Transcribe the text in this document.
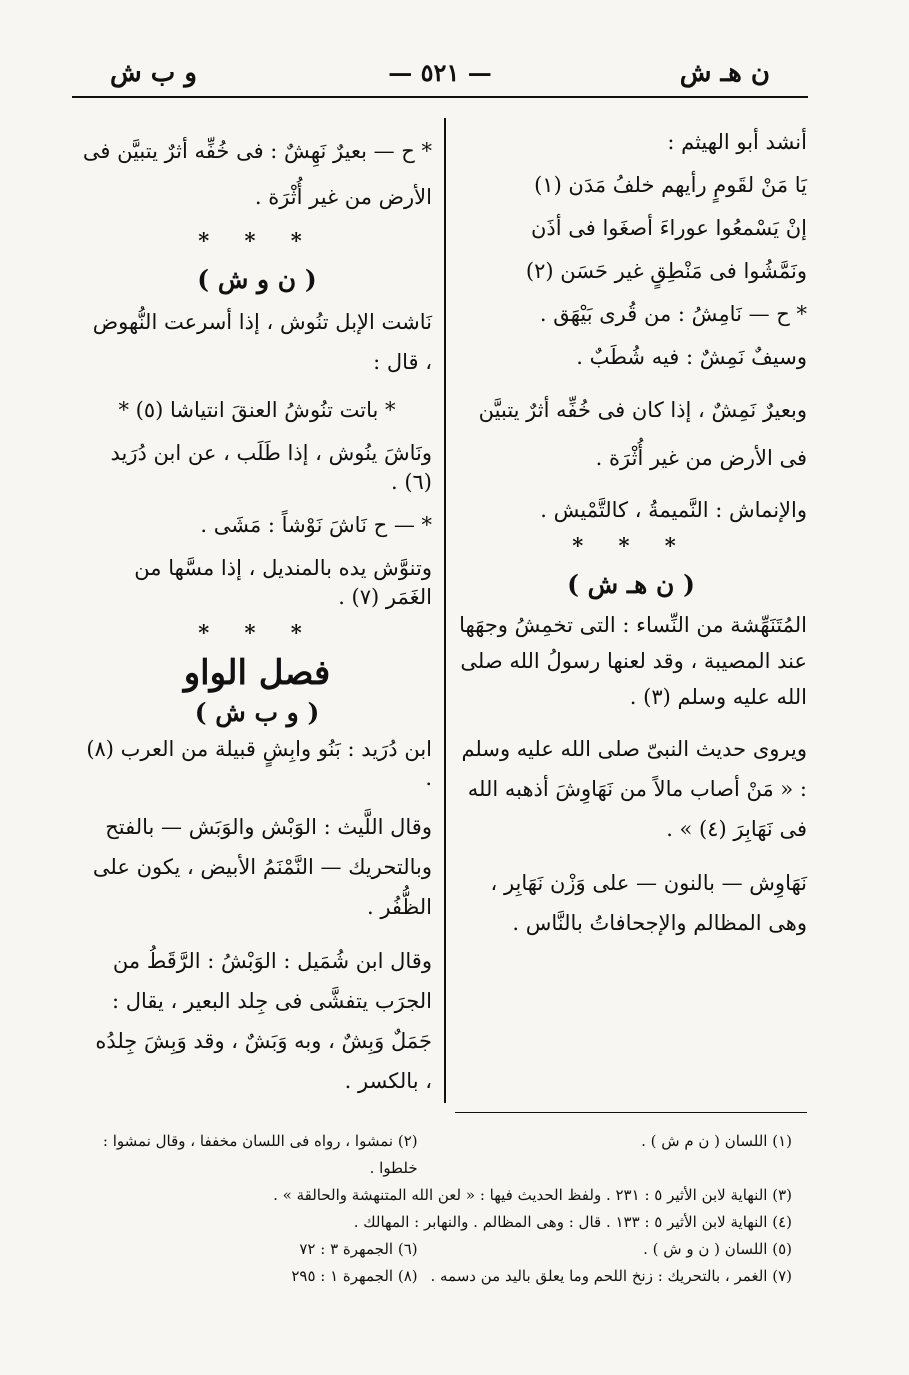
ن هـ ش
— ٥٢١ —
و ب ش

أنشد أبو الهيثم :

يَا مَنْ لقَومٍ رأيهم خلفُ مَدَن (١)

إنْ يَسْمعُوا عوراءَ أصغَوا فى أذَن

ونَمَّشُوا فى مَنْطِقٍ غير حَسَن (٢)

* ح — نَامِشُ : من قُرى بَيْهَق .

وسيفٌ نَمِشٌ : فيه شُطَبٌ .

وبعيرٌ نَمِشٌ ، إذا كان فى خُفِّه أثرٌ يتبيَّن فى الأرض من غير أُثْرَة .

والإنماش : النَّميمةُ ، كالتَّمْيش .

* * *
( ن هـ ش )

المُتَنَهِّشة من النِّساء : التى تخمِشُ وجهَها عند المصيبة ، وقد لعنها رسولُ الله صلى الله عليه وسلم (٣) .

ويروى حديث النبىّ صلى الله عليه وسلم : « مَنْ أصاب مالاً من نَهَاوِشَ أذهبه الله فى نَهَابِرَ (٤) » .

نَهَاوِش — بالنون — على وَزْن نَهَابِر ، وهى المظالم والإجحافاتُ بالنَّاس .

* ح — بعيرٌ نَهِشٌ : فى خُفِّه أثرٌ يتبيَّن فى الأرض من غير أُثْرَة .

* * *
( ن و ش )

نَاشت الإبل تنُوش ، إذا أسرعت النُّهوض ، قال :

* باتت تنُوشُ العنقَ انتياشا (٥) *

ونَاشَ ينُوش ، إذا طَلَب ، عن ابن دُرَيد (٦) .

* — ح نَاشَ نَوْشاً : مَشَى .

وتنوَّش يده بالمنديل ، إذا مسَّها من الغَمَر (٧) .

* * *
فصل الواو
( و ب ش )

ابن دُرَيد : بَنُو وابِشٍ قبيلة من العرب (٨) .

وقال اللَّيث : الوَبْش والوَبَش — بالفتح وبالتحريك — النَّمْنَمُ الأبيض ، يكون على الظُّفُر .

وقال ابن شُمَيل : الوَبْشُ : الرَّقَطُ من الجرَب يتفشَّى فى جِلد البعير ، يقال : جَمَلٌ وَبِشٌ ، وبه وَبَشٌ ، وقد وَبِشَ جِلدُه ، بالكسر .

(١) اللسان ( ن م ش ) .
(٢) نمشوا ، رواه فى اللسان مخففا ، وقال نمشوا : خلطوا .
(٣) النهاية لابن الأثير ٥ : ٢٣١ . ولفظ الحديث فيها : « لعن الله المتنهشة والحالقة » .
(٤) النهاية لابن الأثير ٥ : ١٣٣ . قال : وهى المظالم . والنهابر : المهالك .
(٥) اللسان ( ن و ش ) .
(٦) الجمهرة ٣ : ٧٢
(٧) الغمر ، بالتحريك : زنخ اللحم وما يعلق باليد من دسمه .
(٨) الجمهرة ١ : ٢٩٥
